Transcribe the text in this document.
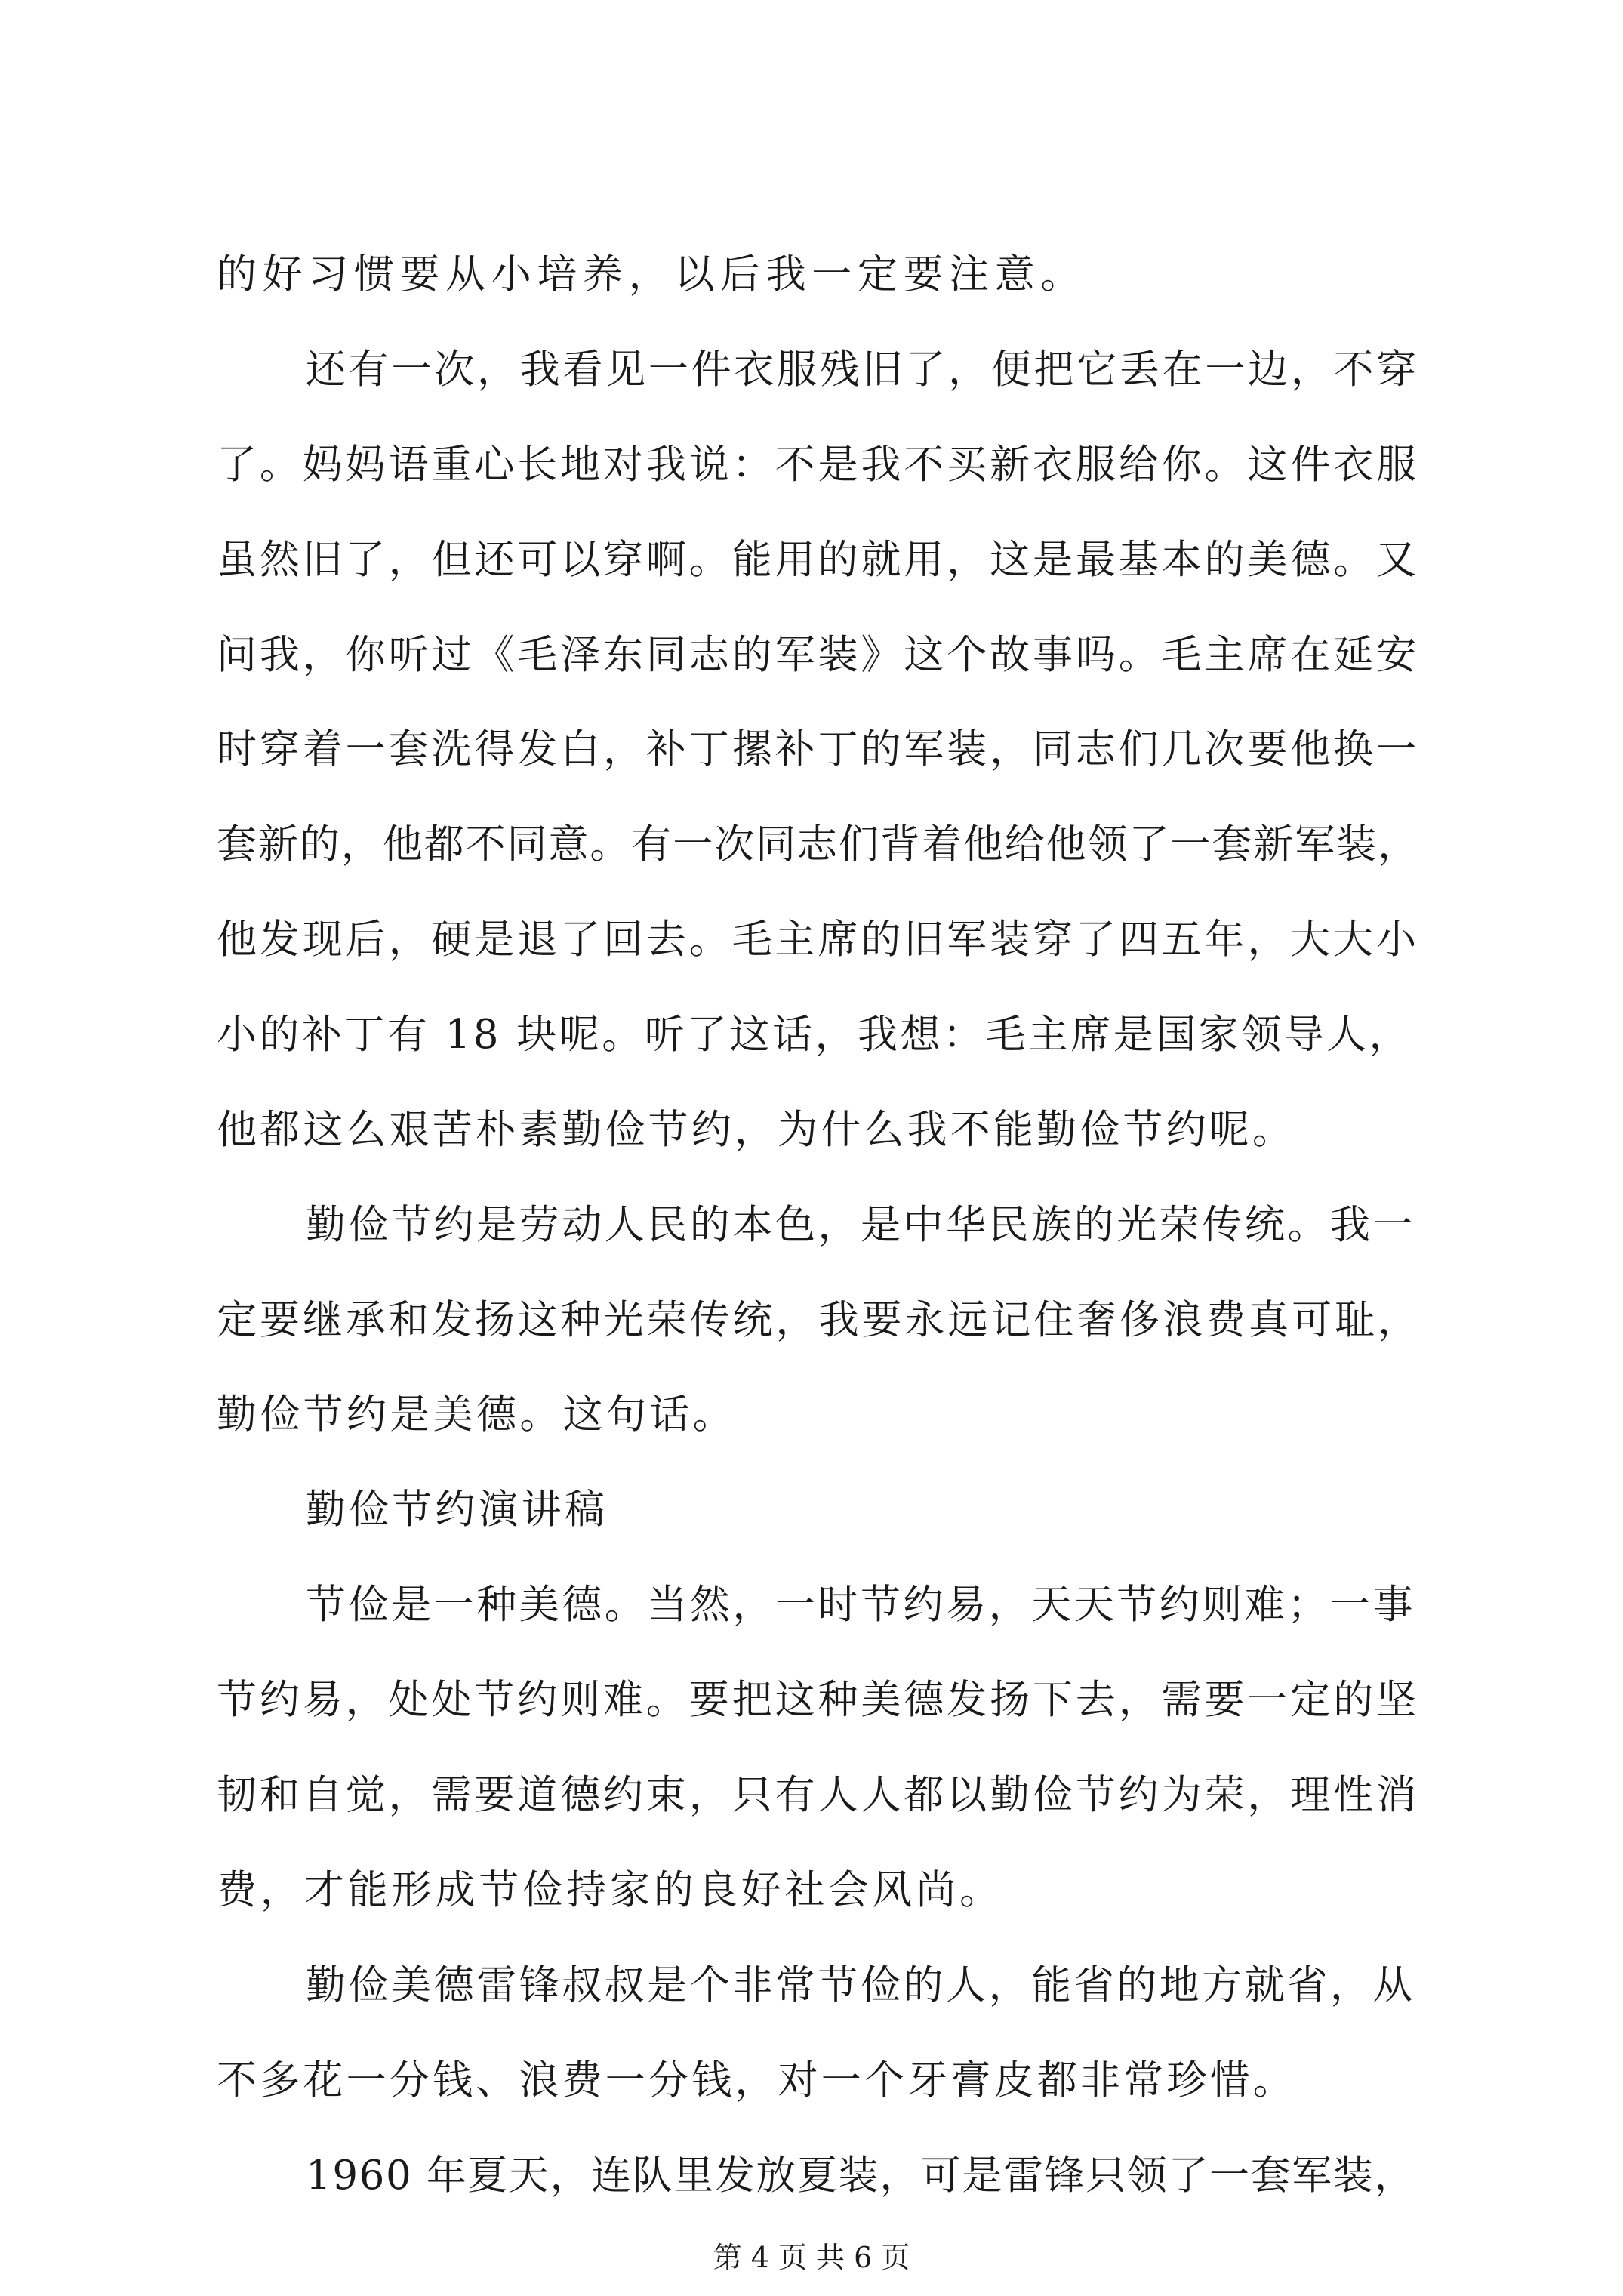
的好习惯要从小培养，以后我一定要注意。
还有一次，我看见一件衣服残旧了，便把它丢在一边，不穿
了。妈妈语重心长地对我说：不是我不买新衣服给你。这件衣服
虽然旧了，但还可以穿啊。能用的就用，这是最基本的美德。又
问我，你听过《毛泽东同志的军装》这个故事吗。毛主席在延安
时穿着一套洗得发白，补丁摞补丁的军装，同志们几次要他换一
套新的，他都不同意。有一次同志们背着他给他领了一套新军装，
他发现后，硬是退了回去。毛主席的旧军装穿了四五年，大大小
小的补丁有 18 块呢。听了这话，我想：毛主席是国家领导人，
他都这么艰苦朴素勤俭节约，为什么我不能勤俭节约呢。
勤俭节约是劳动人民的本色，是中华民族的光荣传统。我一
定要继承和发扬这种光荣传统，我要永远记住奢侈浪费真可耻，
勤俭节约是美德。这句话。
勤俭节约演讲稿
节俭是一种美德。当然，一时节约易，天天节约则难；一事
节约易，处处节约则难。要把这种美德发扬下去，需要一定的坚
韧和自觉，需要道德约束，只有人人都以勤俭节约为荣，理性消
费，才能形成节俭持家的良好社会风尚。
勤俭美德雷锋叔叔是个非常节俭的人，能省的地方就省，从
不多花一分钱、浪费一分钱，对一个牙膏皮都非常珍惜。
1960 年夏天，连队里发放夏装，可是雷锋只领了一套军装，
第 4 页 共 6 页
